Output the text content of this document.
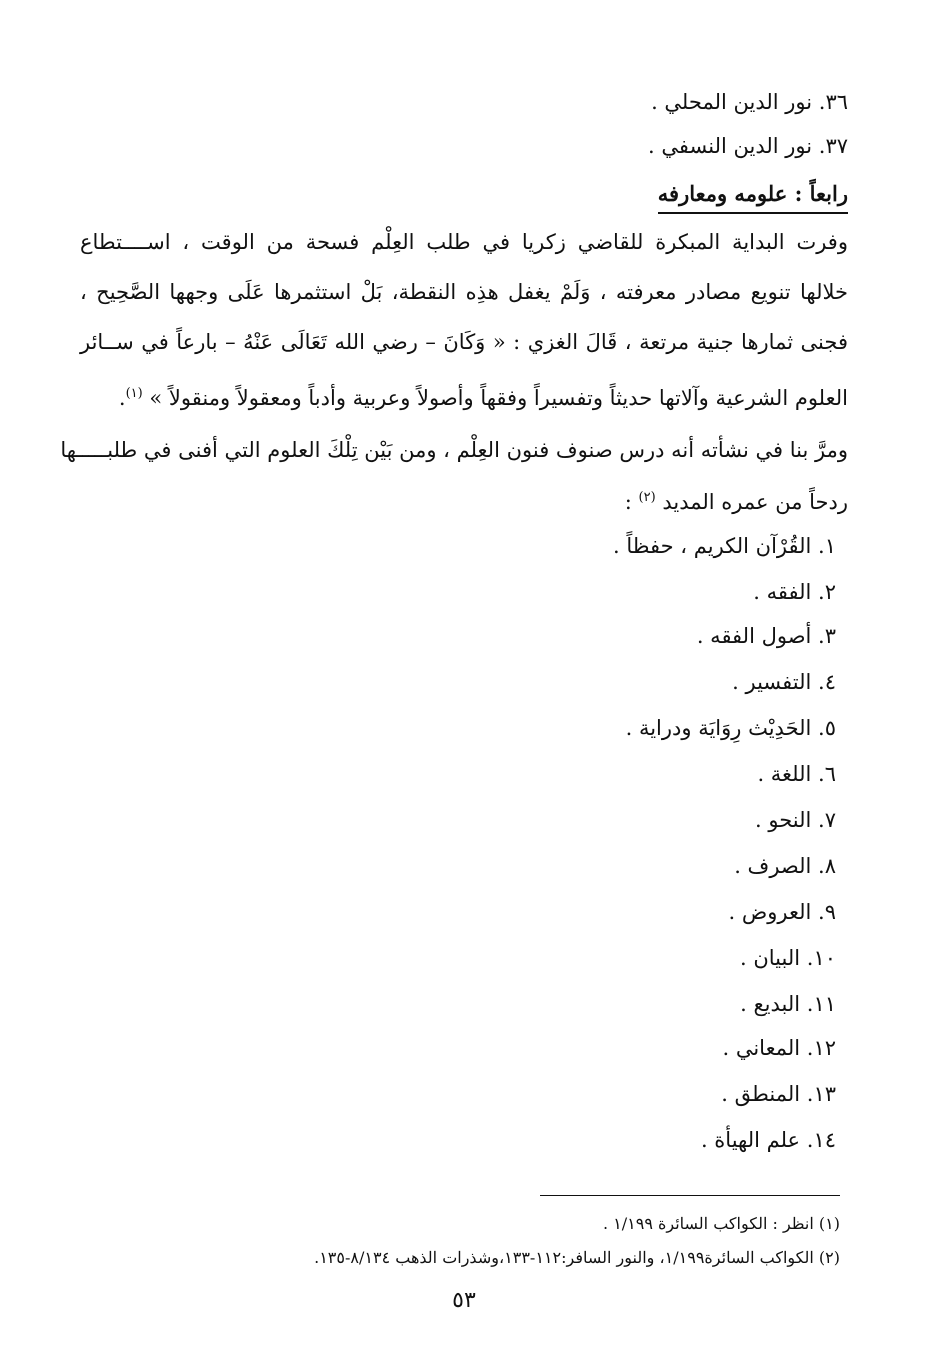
٣٦. نور الدين المحلي .
٣٧. نور الدين النسفي .
رابعاً : علومه ومعارفه
وفرت البداية المبكرة للقاضي زكريا في طلب العِلْم فسحة من الوقت ، اســــتطاع
خلالها تنويع مصادر معرفته ، وَلَمْ يغفل هذِه النقطة، بَلْ استثمرها عَلَى وجهها الصَّحِيح ،
فجنى ثمارها جنية مرتعة ، قَالَ الغزي : « وَكَانَ – رضي الله تَعَالَى عَنْهُ – بارعاً في ســائر
العلوم الشرعية وآلاتها حديثاً وتفسيراً وفقهاً وأصولاً وعربية وأدباً ومعقولاً ومنقولاً » $^{(١)}$.
ومرَّ بنا في نشأته أنه درس صنوف فنون العِلْم ، ومن بَيْن تِلْكَ العلوم التي أفنى في طلبـــــها
ردحاً من عمره المديد $^{(٢)}$ :
١. القُرْآن الكريم ، حفظاً .
٢. الفقه .
٣. أصول الفقه .
٤. التفسير .
٥. الحَدِيْث رِوَايَة ودراية .
٦. اللغة .
٧. النحو .
٨. الصرف .
٩. العروض .
١٠. البيان .
١١. البديع .
١٢. المعاني .
١٣. المنطق .
١٤. علم الهيأة .
(١) انظر : الكواكب السائرة ١/١٩٩ .
(٢) الكواكب السائرة١/١٩٩، والنور السافر:١١٢-١٣٣،وشذرات الذهب ٨/١٣٤-١٣٥.
٥٣
